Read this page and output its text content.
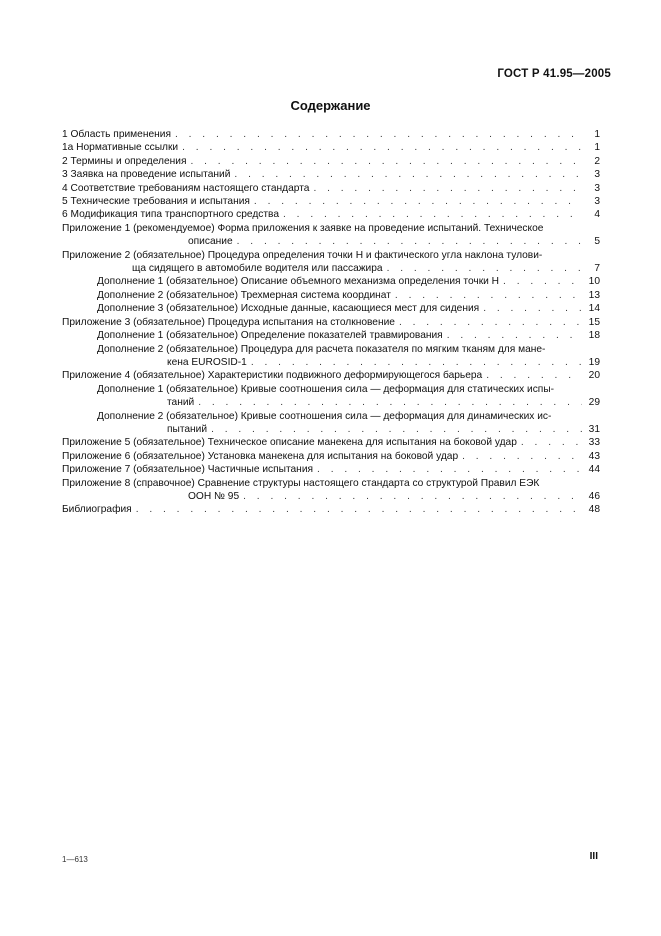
ГОСТ Р 41.95—2005
Содержание
1 Область применения . . .	1
1а Нормативные ссылки . . .	1
2 Термины и определения . . .	2
3 Заявка на проведение испытаний . . .	3
4 Соответствие требованиям настоящего стандарта . . .	3
5 Технические требования и испытания . . .	3
6 Модификация типа транспортного средства . . .	4
Приложение 1 (рекомендуемое) Форма приложения к заявке на проведение испытаний. Техническое
описание . . .	5
Приложение 2 (обязательное) Процедура определения точки Н и фактического угла наклона тулови-
ща сидящего в автомобиле водителя или пассажира . . .	7
Дополнение 1 (обязательное) Описание объемного механизма определения точки Н . . .	10
Дополнение 2 (обязательное) Трехмерная система координат . . .	13
Дополнение 3 (обязательное) Исходные данные, касающиеся мест для сидения . . .	14
Приложение 3 (обязательное) Процедура испытания на столкновение . . .	15
Дополнение 1 (обязательное) Определение показателей травмирования . . .	18
Дополнение 2 (обязательное) Процедура для расчета показателя по мягким тканям для мане-
кена EUROSID-1 . . .	19
Приложение 4 (обязательное) Характеристики подвижного деформирующегося барьера . . .	20
Дополнение 1 (обязательное) Кривые соотношения сила — деформация для статических испы-
таний . . .	29
Дополнение 2 (обязательное) Кривые соотношения сила — деформация для динамических ис-
пытаний . . .	31
Приложение 5 (обязательное) Техническое описание манекена для испытания на боковой удар . . .	33
Приложение 6 (обязательное) Установка манекена для испытания на боковой удар . . .	43
Приложение 7 (обязательное) Частичные испытания . . .	44
Приложение 8 (справочное) Сравнение структуры настоящего стандарта со структурой Правил ЕЭК
ООН № 95 . . .	46
Библиография . . .	48
1—613	III
